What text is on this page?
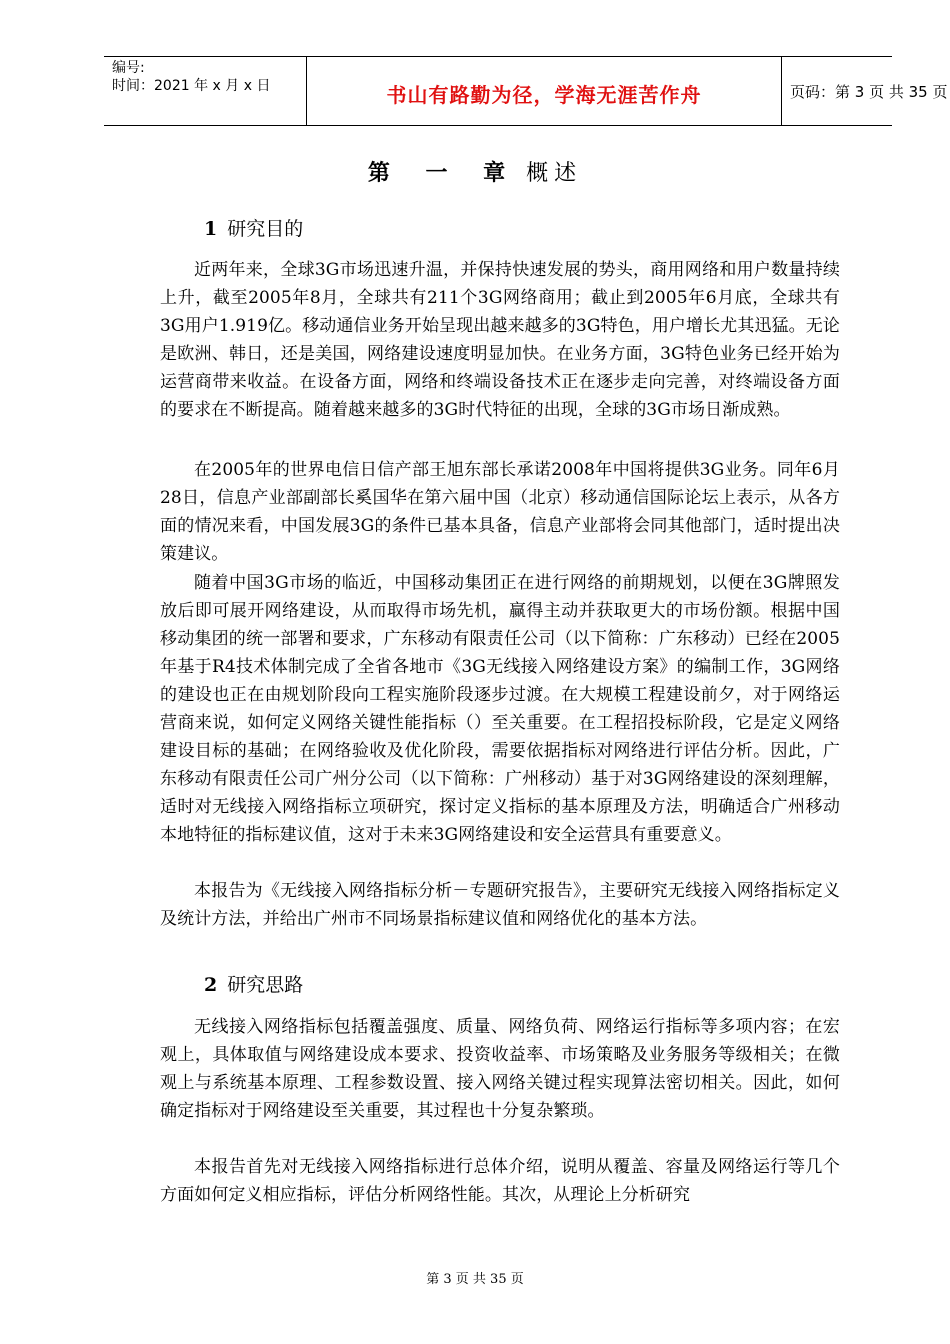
编号:
时间：2021 年 x 月 x 日	书山有路勤为径，学海无涯苦作舟	页码：第 3 页 共 35 页
第 一 章 概述
1 研究目的
近两年来，全球3G市场迅速升温，并保持快速发展的势头，商用网络和用户数量持续上升，截至2005年8月，全球共有211个3G网络商用；截止到2005年6月底，全球共有3G用户1.919亿。移动通信业务开始呈现出越来越多的3G特色，用户增长尤其迅猛。无论是欧洲、韩日，还是美国，网络建设速度明显加快。在业务方面，3G特色业务已经开始为运营商带来收益。在设备方面，网络和终端设备技术正在逐步走向完善，对终端设备方面的要求在不断提高。随着越来越多的3G时代特征的出现，全球的3G市场日渐成熟。
在2005年的世界电信日信产部王旭东部长承诺2008年中国将提供3G业务。同年6月28日，信息产业部副部长奚国华在第六届中国（北京）移动通信国际论坛上表示，从各方面的情况来看，中国发展3G的条件已基本具备，信息产业部将会同其他部门，适时提出决策建议。
随着中国3G市场的临近，中国移动集团正在进行网络的前期规划，以便在3G牌照发放后即可展开网络建设，从而取得市场先机，赢得主动并获取更大的市场份额。根据中国移动集团的统一部署和要求，广东移动有限责任公司（以下简称：广东移动）已经在2005年基于R4技术体制完成了全省各地市《3G无线接入网络建设方案》的编制工作，3G网络的建设也正在由规划阶段向工程实施阶段逐步过渡。在大规模工程建设前夕，对于网络运营商来说，如何定义网络关键性能指标（）至关重要。在工程招投标阶段，它是定义网络建设目标的基础；在网络验收及优化阶段，需要依据指标对网络进行评估分析。因此，广东移动有限责任公司广州分公司（以下简称：广州移动）基于对3G网络建设的深刻理解，适时对无线接入网络指标立项研究，探讨定义指标的基本原理及方法，明确适合广州移动本地特征的指标建议值，这对于未来3G网络建设和安全运营具有重要意义。
本报告为《无线接入网络指标分析－专题研究报告》，主要研究无线接入网络指标定义及统计方法，并给出广州市不同场景指标建议值和网络优化的基本方法。
2 研究思路
无线接入网络指标包括覆盖强度、质量、网络负荷、网络运行指标等多项内容；在宏观上，具体取值与网络建设成本要求、投资收益率、市场策略及业务服务等级相关；在微观上与系统基本原理、工程参数设置、接入网络关键过程实现算法密切相关。因此，如何确定指标对于网络建设至关重要，其过程也十分复杂繁琐。
本报告首先对无线接入网络指标进行总体介绍，说明从覆盖、容量及网络运行等几个方面如何定义相应指标，评估分析网络性能。其次，从理论上分析研究
第 3 页 共 35 页
